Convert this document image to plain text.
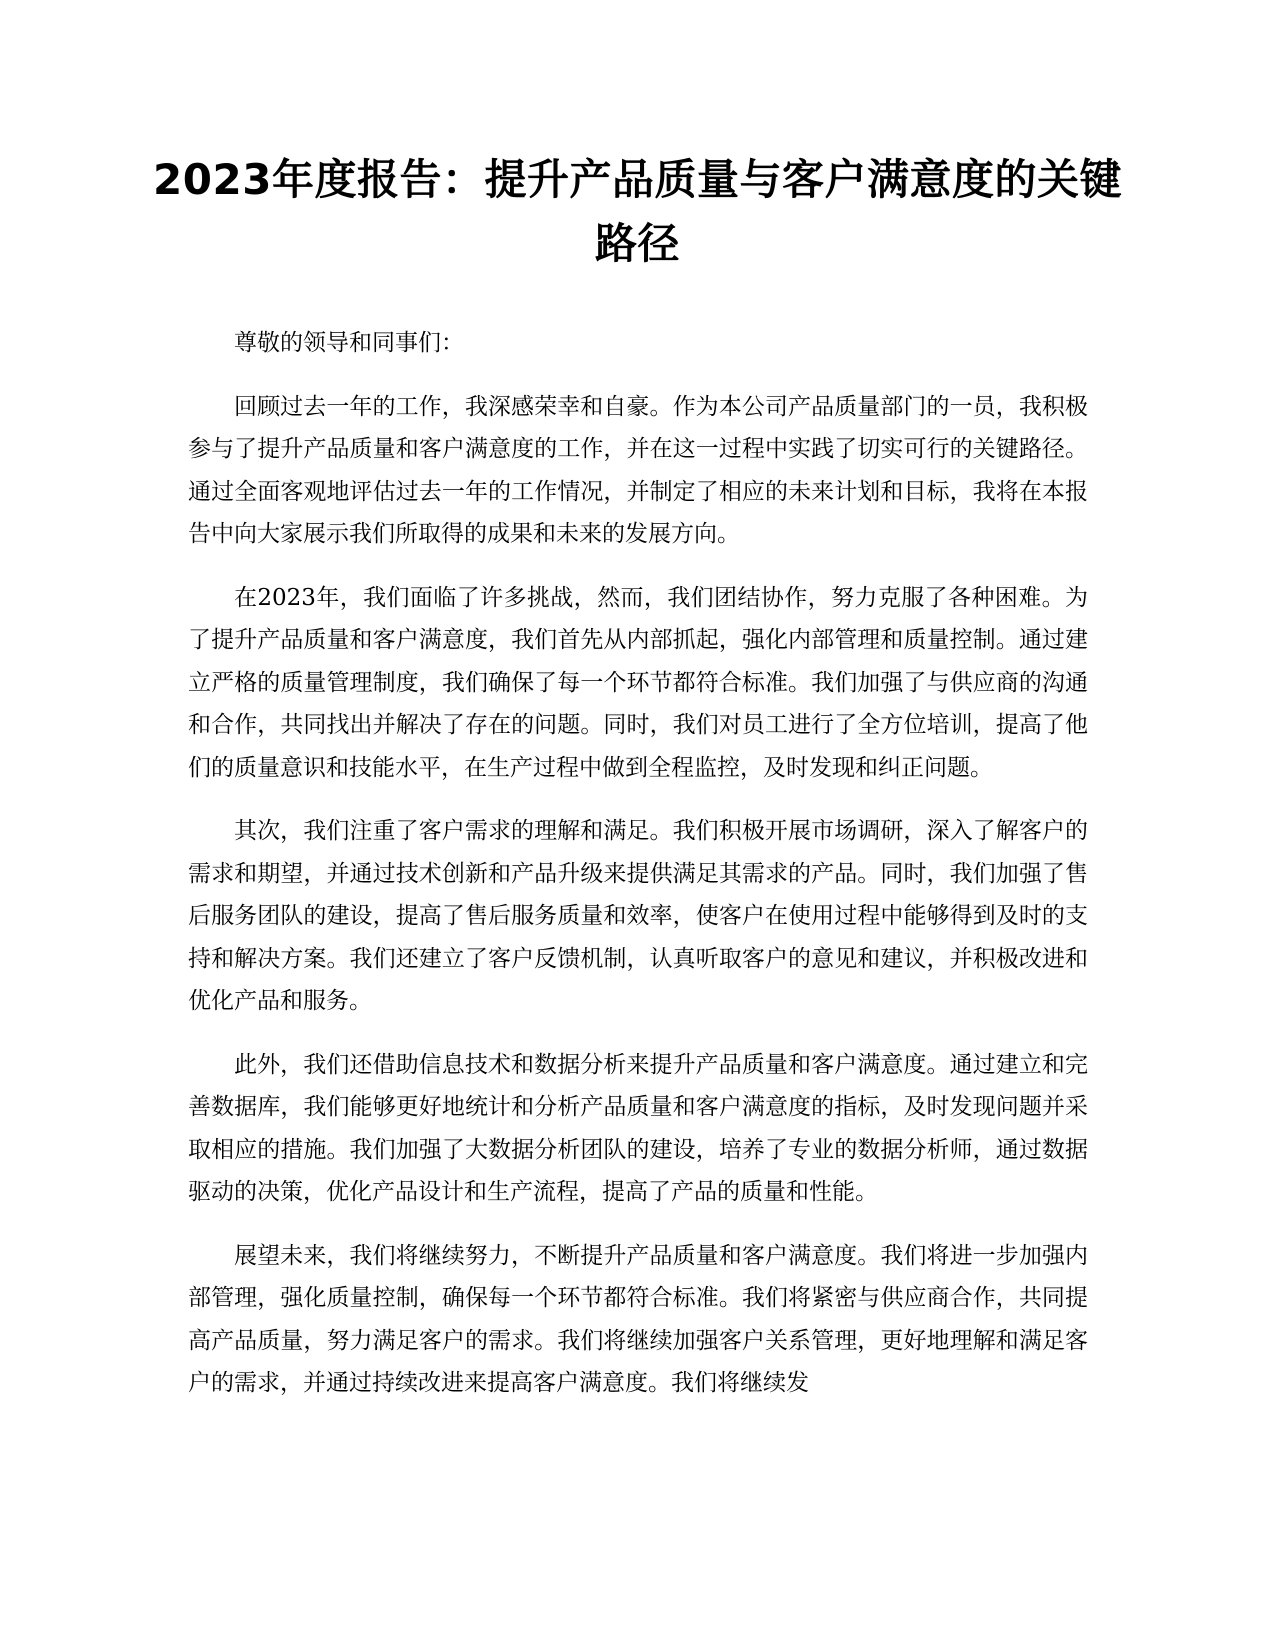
2023年度报告：提升产品质量与客户满意度的关键路径

尊敬的领导和同事们：

回顾过去一年的工作，我深感荣幸和自豪。作为本公司产品质量部门的一员，我积极参与了提升产品质量和客户满意度的工作，并在这一过程中实践了切实可行的关键路径。通过全面客观地评估过去一年的工作情况，并制定了相应的未来计划和目标，我将在本报告中向大家展示我们所取得的成果和未来的发展方向。

在2023年，我们面临了许多挑战，然而，我们团结协作，努力克服了各种困难。为了提升产品质量和客户满意度，我们首先从内部抓起，强化内部管理和质量控制。通过建立严格的质量管理制度，我们确保了每一个环节都符合标准。我们加强了与供应商的沟通和合作，共同找出并解决了存在的问题。同时，我们对员工进行了全方位培训，提高了他们的质量意识和技能水平，在生产过程中做到全程监控，及时发现和纠正问题。

其次，我们注重了客户需求的理解和满足。我们积极开展市场调研，深入了解客户的需求和期望，并通过技术创新和产品升级来提供满足其需求的产品。同时，我们加强了售后服务团队的建设，提高了售后服务质量和效率，使客户在使用过程中能够得到及时的支持和解决方案。我们还建立了客户反馈机制，认真听取客户的意见和建议，并积极改进和优化产品和服务。

此外，我们还借助信息技术和数据分析来提升产品质量和客户满意度。通过建立和完善数据库，我们能够更好地统计和分析产品质量和客户满意度的指标，及时发现问题并采取相应的措施。我们加强了大数据分析团队的建设，培养了专业的数据分析师，通过数据驱动的决策，优化产品设计和生产流程，提高了产品的质量和性能。

展望未来，我们将继续努力，不断提升产品质量和客户满意度。我们将进一步加强内部管理，强化质量控制，确保每一个环节都符合标准。我们将紧密与供应商合作，共同提高产品质量，努力满足客户的需求。我们将继续加强客户关系管理，更好地理解和满足客户的需求，并通过持续改进来提高客户满意度。我们将继续发
